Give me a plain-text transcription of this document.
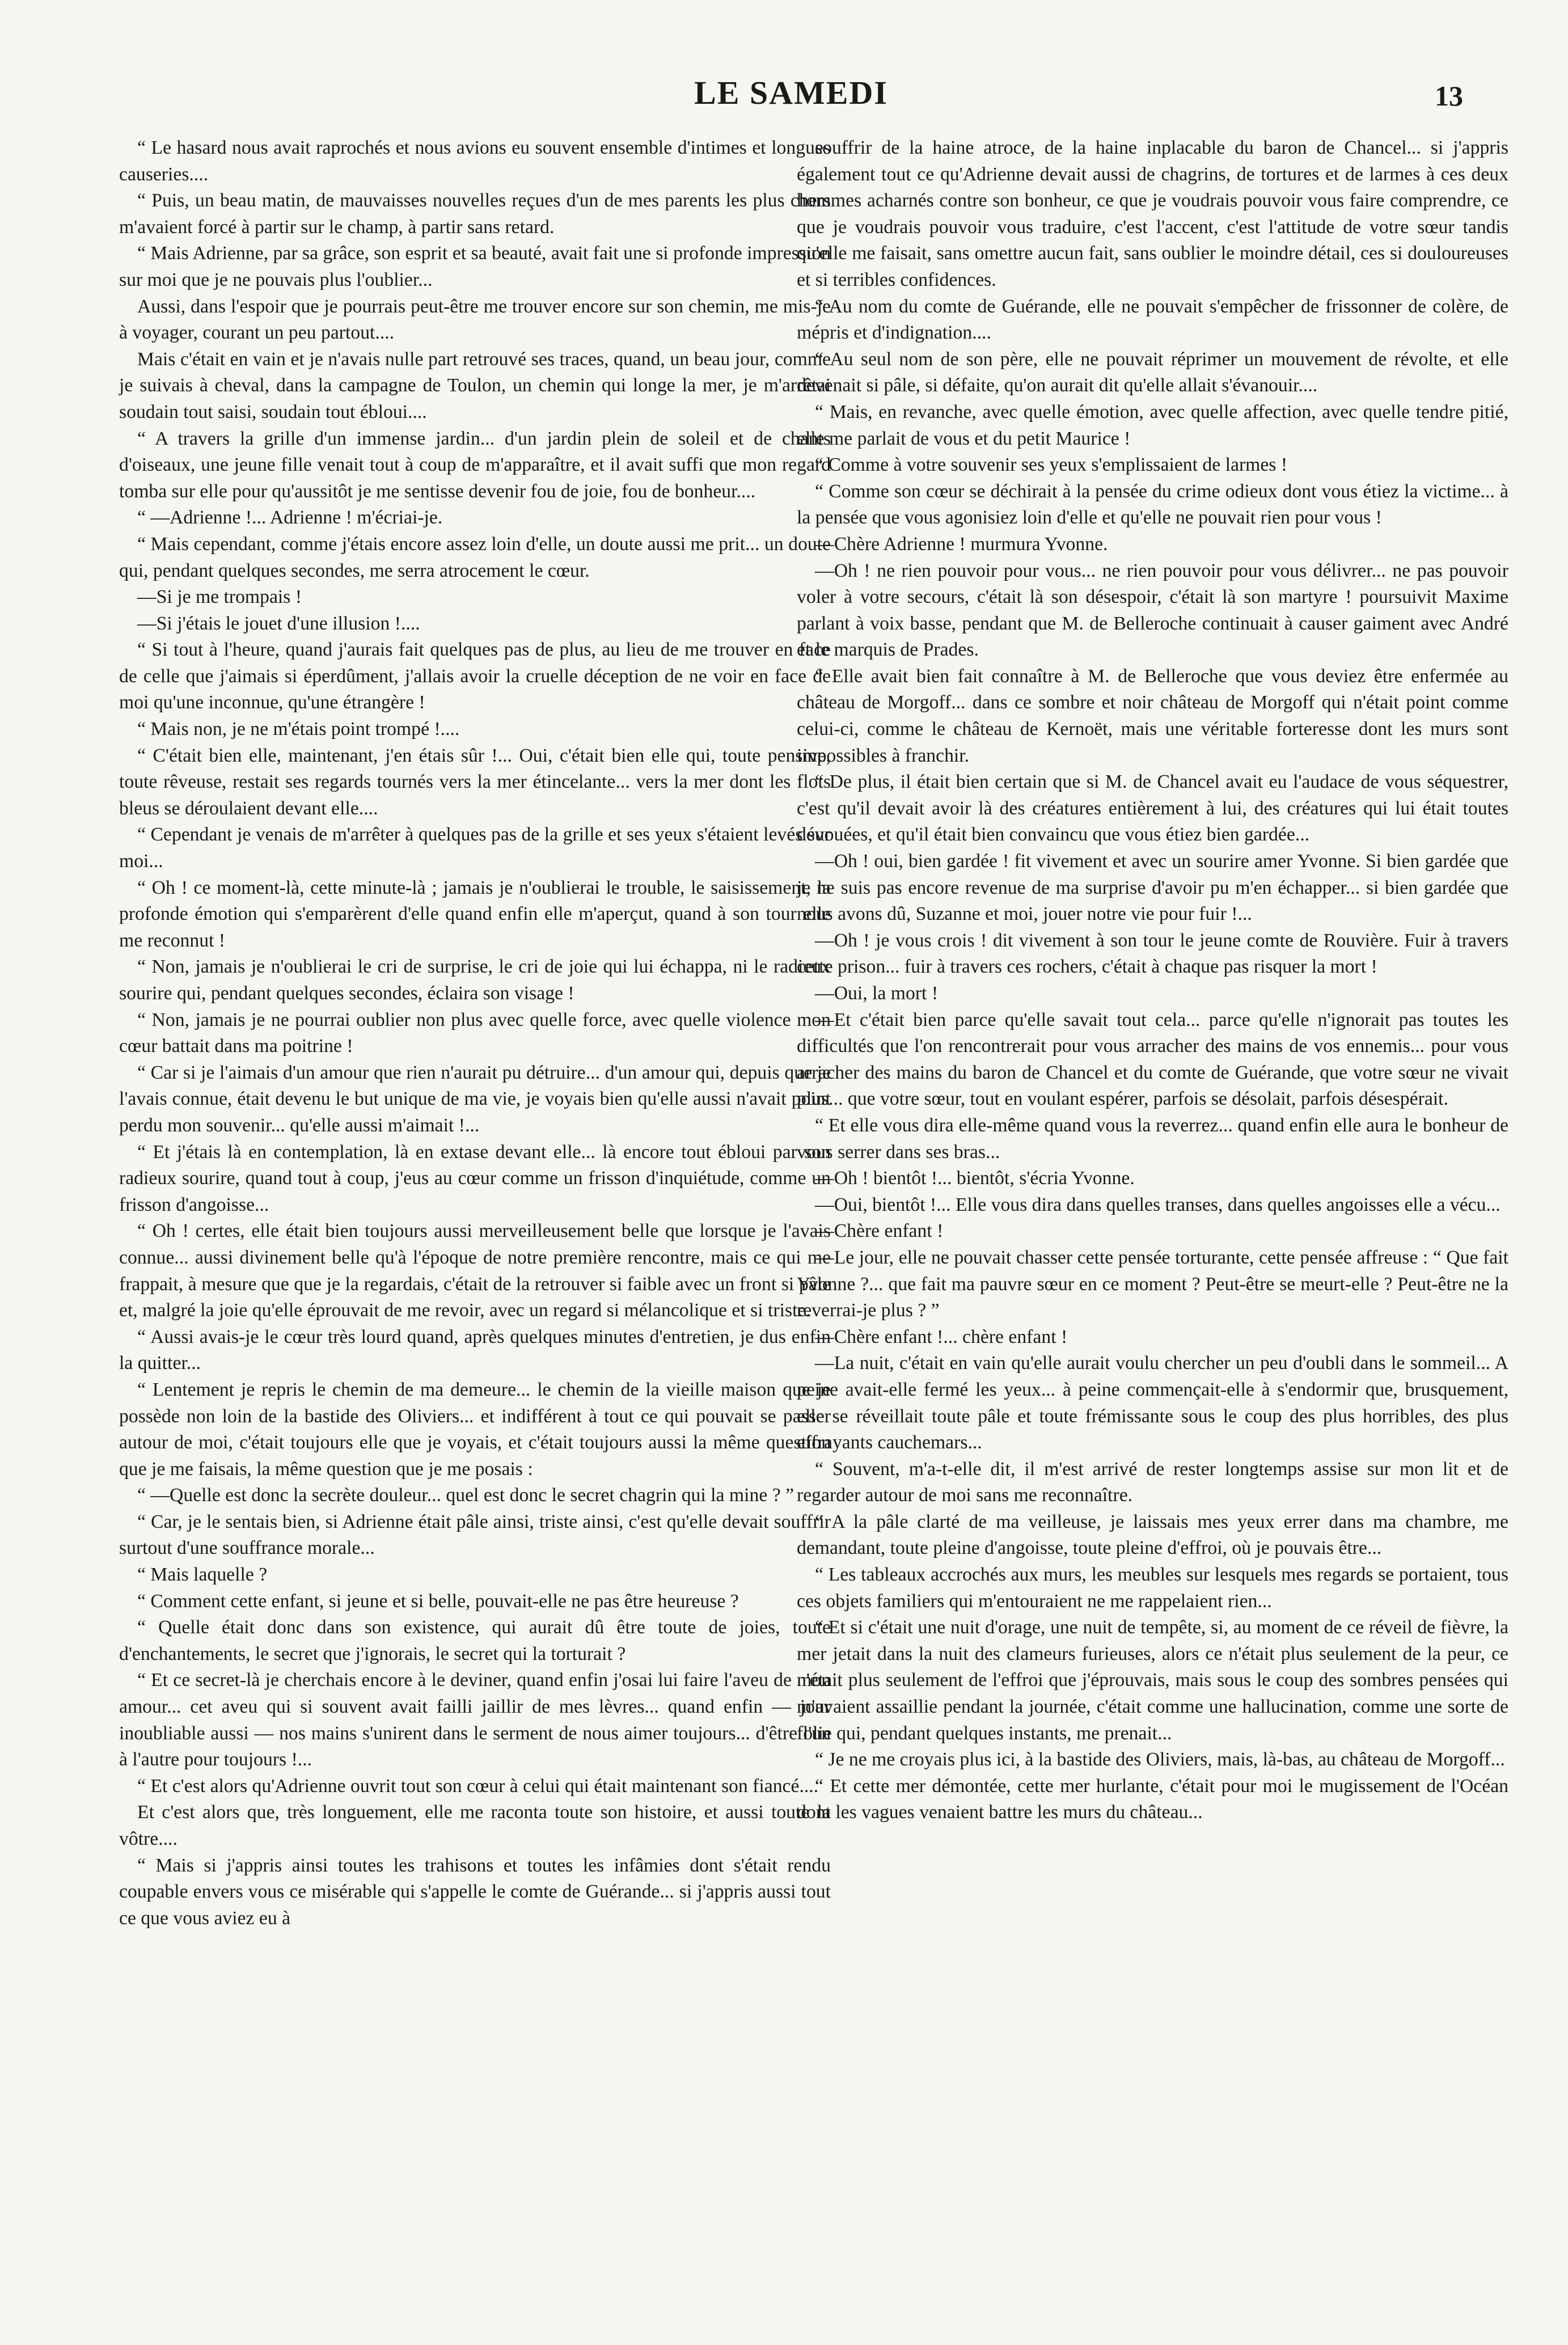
LE SAMEDI	13

“ Le hasard nous avait raprochés et nous avions eu souvent ensemble d'intimes et longues causeries....

“ Puis, un beau matin, de mauvaisses nouvelles reçues d'un de mes parents les plus chers m'avaient forcé à partir sur le champ, à partir sans retard.

“ Mais Adrienne, par sa grâce, son esprit et sa beauté, avait fait une si profonde impression sur moi que je ne pouvais plus l'oublier...

Aussi, dans l'espoir que je pourrais peut-être me trouver encore sur son chemin, me mis-je à voyager, courant un peu partout....

Mais c'était en vain et je n'avais nulle part retrouvé ses traces, quand, un beau jour, comme je suivais à cheval, dans la campagne de Toulon, un chemin qui longe la mer, je m'arrêtai soudain tout saisi, soudain tout ébloui....

“ A travers la grille d'un immense jardin... d'un jardin plein de soleil et de chants d'oiseaux, une jeune fille venait tout à coup de m'apparaître, et il avait suffi que mon regard tomba sur elle pour qu'aussitôt je me sentisse devenir fou de joie, fou de bonheur....

“ —Adrienne !... Adrienne ! m'écriai-je.

“ Mais cependant, comme j'étais encore assez loin d'elle, un doute aussi me prit... un doute qui, pendant quelques secondes, me serra atrocement le cœur.

—Si je me trompais !

—Si j'étais le jouet d'une illusion !....

“ Si tout à l'heure, quand j'aurais fait quelques pas de plus, au lieu de me trouver en face de celle que j'aimais si éperdûment, j'allais avoir la cruelle déception de ne voir en face de moi qu'une inconnue, qu'une étrangère !

“ Mais non, je ne m'étais point trompé !....

“ C'était bien elle, maintenant, j'en étais sûr !... Oui, c'était bien elle qui, toute pensive, toute rêveuse, restait ses regards tournés vers la mer étincelante... vers la mer dont les flots bleus se déroulaient devant elle....

“ Cependant je venais de m'arrêter à quelques pas de la grille et ses yeux s'étaient levés sur moi...

“ Oh ! ce moment-là, cette minute-là ; jamais je n'oublierai le trouble, le saisissement, la profonde émotion qui s'emparèrent d'elle quand enfin elle m'aperçut, quand à son tour elle me reconnut !

“ Non, jamais je n'oublierai le cri de surprise, le cri de joie qui lui échappa, ni le radieux sourire qui, pendant quelques secondes, éclaira son visage !

“ Non, jamais je ne pourrai oublier non plus avec quelle force, avec quelle violence mon cœur battait dans ma poitrine !

“ Car si je l'aimais d'un amour que rien n'aurait pu détruire... d'un amour qui, depuis que je l'avais connue, était devenu le but unique de ma vie, je voyais bien qu'elle aussi n'avait point perdu mon souvenir... qu'elle aussi m'aimait !...

“ Et j'étais là en contemplation, là en extase devant elle... là encore tout ébloui par son radieux sourire, quand tout à coup, j'eus au cœur comme un frisson d'inquiétude, comme un frisson d'angoisse...

“ Oh ! certes, elle était bien toujours aussi merveilleusement belle que lorsque je l'avais connue... aussi divinement belle qu'à l'époque de notre première rencontre, mais ce qui me frappait, à mesure que que je la regardais, c'était de la retrouver si faible avec un front si pâle et, malgré la joie qu'elle éprouvait de me revoir, avec un regard si mélancolique et si triste.

“ Aussi avais-je le cœur très lourd quand, après quelques minutes d'entretien, je dus enfin la quitter...

“ Lentement je repris le chemin de ma demeure... le chemin de la vieille maison que je possède non loin de la bastide des Oliviers... et indifférent à tout ce qui pouvait se passer autour de moi, c'était toujours elle que je voyais, et c'était toujours aussi la même question que je me faisais, la même question que je me posais :

“ —Quelle est donc la secrète douleur... quel est donc le secret chagrin qui la mine ? ”

“ Car, je le sentais bien, si Adrienne était pâle ainsi, triste ainsi, c'est qu'elle devait souffrir surtout d'une souffrance morale...

“ Mais laquelle ?

“ Comment cette enfant, si jeune et si belle, pouvait-elle ne pas être heureuse ?

“ Quelle était donc dans son existence, qui aurait dû être toute de joies, toute d'enchantements, le secret que j'ignorais, le secret qui la torturait ?

“ Et ce secret-là je cherchais encore à le deviner, quand enfin j'osai lui faire l'aveu de mon amour... cet aveu qui si souvent avait failli jaillir de mes lèvres... quand enfin — jour inoubliable aussi — nos mains s'unirent dans le serment de nous aimer toujours... d'être l'un à l'autre pour toujours !...

“ Et c'est alors qu'Adrienne ouvrit tout son cœur à celui qui était maintenant son fiancé....

Et c'est alors que, très longuement, elle me raconta toute son histoire, et aussi toute la vôtre....

“ Mais si j'appris ainsi toutes les trahisons et toutes les infâmies dont s'était rendu coupable envers vous ce misérable qui s'appelle le comte de Guérande... si j'appris aussi tout ce que vous aviez eu à

souffrir de la haine atroce, de la haine inplacable du baron de Chancel... si j'appris également tout ce qu'Adrienne devait aussi de chagrins, de tortures et de larmes à ces deux hommes acharnés contre son bonheur, ce que je voudrais pouvoir vous faire comprendre, ce que je voudrais pouvoir vous traduire, c'est l'accent, c'est l'attitude de votre sœur tandis qu'elle me faisait, sans omettre aucun fait, sans oublier le moindre détail, ces si douloureuses et si terribles confidences.

“ Au nom du comte de Guérande, elle ne pouvait s'empêcher de frissonner de colère, de mépris et d'indignation....

“ Au seul nom de son père, elle ne pouvait réprimer un mouvement de révolte, et elle devenait si pâle, si défaite, qu'on aurait dit qu'elle allait s'évanouir....

“ Mais, en revanche, avec quelle émotion, avec quelle affection, avec quelle tendre pitié, elle me parlait de vous et du petit Maurice !

“ Comme à votre souvenir ses yeux s'emplissaient de larmes !

“ Comme son cœur se déchirait à la pensée du crime odieux dont vous étiez la victime... à la pensée que vous agonisiez loin d'elle et qu'elle ne pouvait rien pour vous !

—Chère Adrienne ! murmura Yvonne.

—Oh ! ne rien pouvoir pour vous... ne rien pouvoir pour vous délivrer... ne pas pouvoir voler à votre secours, c'était là son désespoir, c'était là son martyre ! poursuivit Maxime parlant à voix basse, pendant que M. de Belleroche continuait à causer gaiment avec André et le marquis de Prades.

“ Elle avait bien fait connaître à M. de Belleroche que vous deviez être enfermée au château de Morgoff... dans ce sombre et noir château de Morgoff qui n'était point comme celui-ci, comme le château de Kernoët, mais une véritable forteresse dont les murs sont impossibles à franchir.

“ De plus, il était bien certain que si M. de Chancel avait eu l'audace de vous séquestrer, c'est qu'il devait avoir là des créatures entièrement à lui, des créatures qui lui était toutes dévouées, et qu'il était bien convaincu que vous étiez bien gardée...

—Oh ! oui, bien gardée ! fit vivement et avec un sourire amer Yvonne. Si bien gardée que je ne suis pas encore revenue de ma surprise d'avoir pu m'en échapper... si bien gardée que nous avons dû, Suzanne et moi, jouer notre vie pour fuir !...

—Oh ! je vous crois ! dit vivement à son tour le jeune comte de Rouvière. Fuir à travers cette prison... fuir à travers ces rochers, c'était à chaque pas risquer la mort !

—Oui, la mort !

—Et c'était bien parce qu'elle savait tout cela... parce qu'elle n'ignorait pas toutes les difficultés que l'on rencontrerait pour vous arracher des mains de vos ennemis... pour vous arracher des mains du baron de Chancel et du comte de Guérande, que votre sœur ne vivait plus... que votre sœur, tout en voulant espérer, parfois se désolait, parfois désespérait.

“ Et elle vous dira elle-même quand vous la reverrez... quand enfin elle aura le bonheur de vous serrer dans ses bras...

—Oh ! bientôt !... bientôt, s'écria Yvonne.

—Oui, bientôt !... Elle vous dira dans quelles transes, dans quelles angoisses elle a vécu...

—Chère enfant !

—Le jour, elle ne pouvait chasser cette pensée torturante, cette pensée affreuse : “ Que fait Yvonne ?... que fait ma pauvre sœur en ce moment ? Peut-être se meurt-elle ? Peut-être ne la reverrai-je plus ? ”

—Chère enfant !... chère enfant !

—La nuit, c'était en vain qu'elle aurait voulu chercher un peu d'oubli dans le sommeil... A peine avait-elle fermé les yeux... à peine commençait-elle à s'endormir que, brusquement, elle se réveillait toute pâle et toute frémissante sous le coup des plus horribles, des plus effrayants cauchemars...

“ Souvent, m'a-t-elle dit, il m'est arrivé de rester longtemps assise sur mon lit et de regarder autour de moi sans me reconnaître.

“ A la pâle clarté de ma veilleuse, je laissais mes yeux errer dans ma chambre, me demandant, toute pleine d'angoisse, toute pleine d'effroi, où je pouvais être...

“ Les tableaux accrochés aux murs, les meubles sur lesquels mes regards se portaient, tous ces objets familiers qui m'entouraient ne me rappelaient rien...

“ Et si c'était une nuit d'orage, une nuit de tempête, si, au moment de ce réveil de fièvre, la mer jetait dans la nuit des clameurs furieuses, alors ce n'était plus seulement de la peur, ce n'était plus seulement de l'effroi que j'éprouvais, mais sous le coup des sombres pensées qui m'avaient assaillie pendant la journée, c'était comme une hallucination, comme une sorte de folie qui, pendant quelques instants, me prenait...

“ Je ne me croyais plus ici, à la bastide des Oliviers, mais, là-bas, au château de Morgoff...

“ Et cette mer démontée, cette mer hurlante, c'était pour moi le mugissement de l'Océan dont les vagues venaient battre les murs du château...
